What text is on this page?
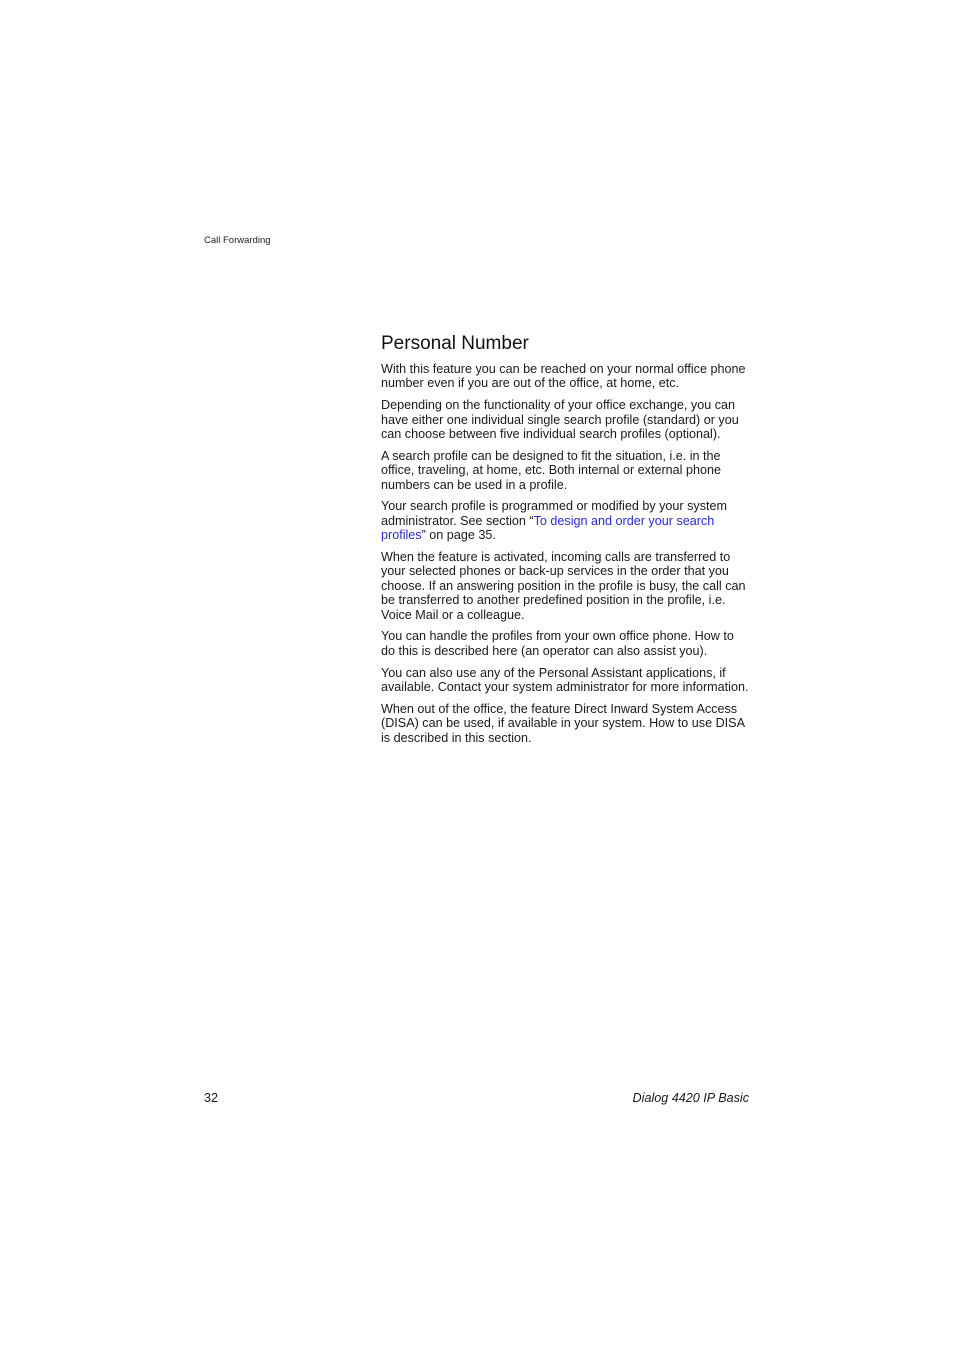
Call Forwarding
Personal Number

With this feature you can be reached on your normal office phone number even if you are out of the office, at home, etc.

Depending on the functionality of your office exchange, you can have either one individual single search profile (standard) or you can choose between five individual search profiles (optional).

A search profile can be designed to fit the situation, i.e. in the office, traveling, at home, etc. Both internal or external phone numbers can be used in a profile.

Your search profile is programmed or modified by your system administrator. See section “To design and order your search profiles” on page 35.

When the feature is activated, incoming calls are transferred to your selected phones or back-up services in the order that you choose. If an answering position in the profile is busy, the call can be transferred to another predefined position in the profile, i.e. Voice Mail or a colleague.

You can handle the profiles from your own office phone. How to do this is described here (an operator can also assist you).

You can also use any of the Personal Assistant applications, if available. Contact your system administrator for more information.

When out of the office, the feature Direct Inward System Access (DISA) can be used, if available in your system. How to use DISA is described in this section.

32	Dialog 4420 IP Basic
